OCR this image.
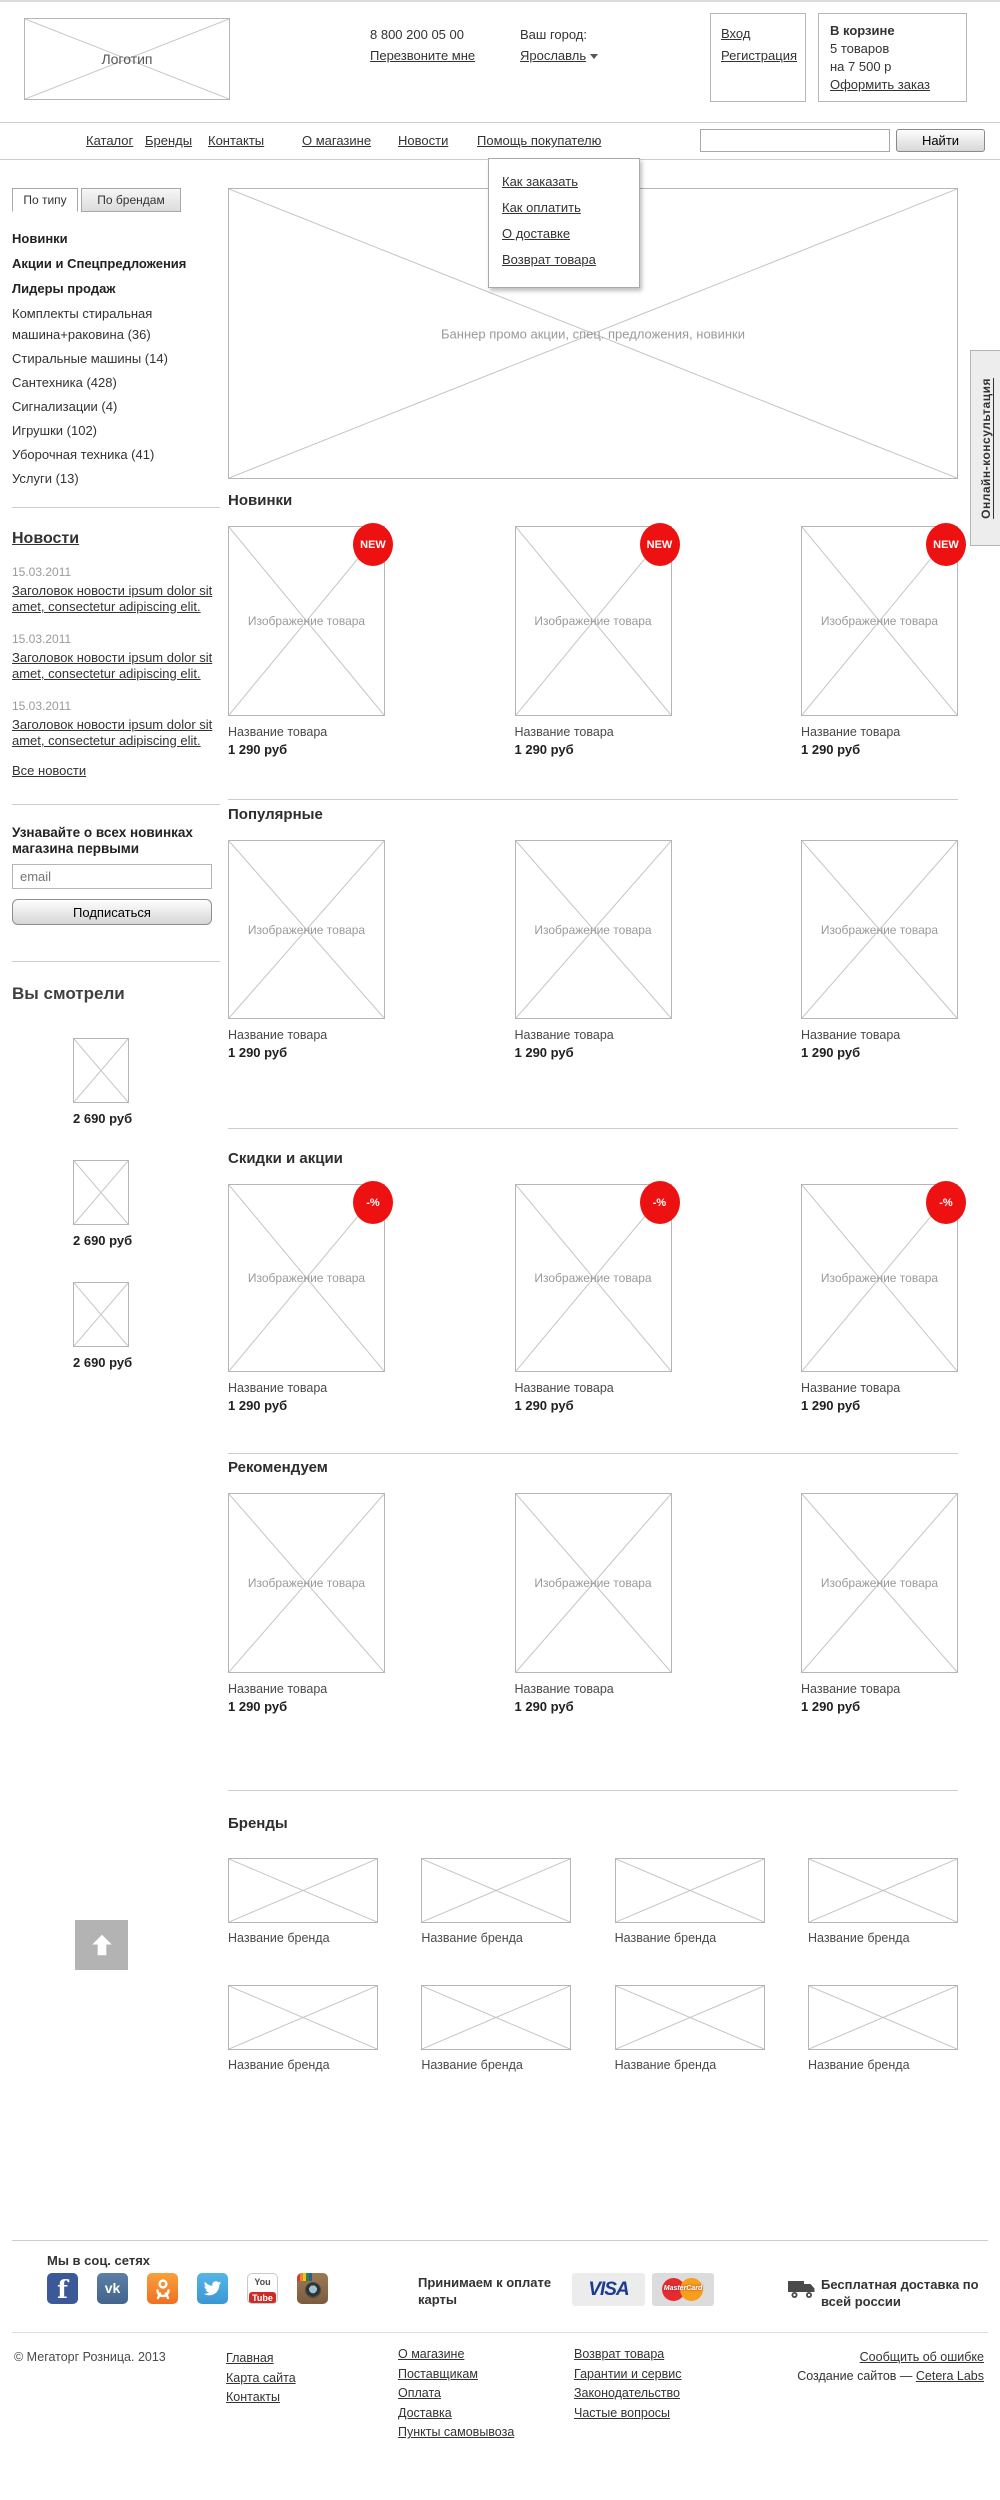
Логотип
8 800 200 05 00
Перезвоните мне
Ваш город:
Ярославль
Вход
Регистрация
В корзине
5 товаров
на 7 500 р
Оформить заказ
Каталог Бренды Контакты	О магазине Новости Помощь покупателю	Найти
Как заказать
Как оплатить
О доставке
Возврат товара
По типу	По брендам
Новинки
Акции и Спецпредложения
Лидеры продаж
Комплекты стиральная машина+раковина (36)
Стиральные машины (14)
Сантехника (428)
Сигнализации (4)
Игрушки (102)
Уборочная техника (41)
Услуги (13)
Новости
15.03.2011
Заголовок новости ipsum dolor sit amet, consectetur adipiscing elit.
15.03.2011
Заголовок новости ipsum dolor sit amet, consectetur adipiscing elit.
15.03.2011
Заголовок новости ipsum dolor sit amet, consectetur adipiscing elit.
Все новости
Узнавайте о всех новинках магазина первыми
email
Подписаться
Вы смотрели
2 690 руб
2 690 руб
2 690 руб
Баннер промо акции, спец. предложения, новинки
Новинки
Изображение товара
NEW
Название товара
1 290 руб
Изображение товара
NEW
Название товара
1 290 руб
Изображение товара
NEW
Название товара
1 290 руб
Популярные
Изображение товара
Название товара
1 290 руб
Изображение товара
Название товара
1 290 руб
Изображение товара
Название товара
1 290 руб
Скидки и акции
Изображение товара
-%
Название товара
1 290 руб
Изображение товара
-%
Название товара
1 290 руб
Изображение товара
-%
Название товара
1 290 руб
Рекомендуем
Изображение товара
Название товара
1 290 руб
Изображение товара
Название товара
1 290 руб
Изображение товара
Название товара
1 290 руб
Бренды
Название бренда	Название бренда	Название бренда	Название бренда
Название бренда	Название бренда	Название бренда	Название бренда
Онлайн-консультация
Мы в соц. сетях
f	vk	You
Tube
Принимаем к оплате карты	VISA	MasterCard	Бесплатная доставка по всей россии
© Мегаторг Розница. 2013	Главная
Карта сайта
Контакты
О магазине
Поставщикам
Оплата
Доставка
Пункты самовывоза
Возврат товара
Гарантии и сервис
Законодательство
Частые вопросы
Сообщить об ошибке
Создание сайтов — Cetera Labs
